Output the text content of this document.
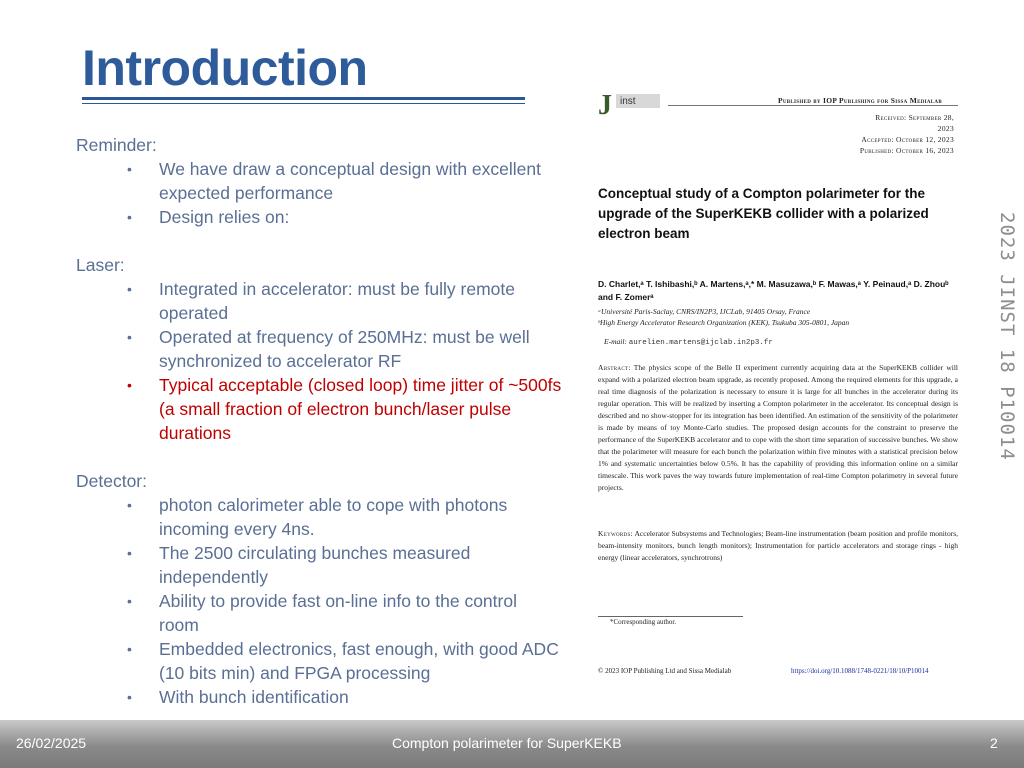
Introduction
Reminder:
• We have draw a conceptual design with excellent
expected performance
• Design relies on:
Laser:
• Integrated in accelerator: must be fully remote
operated
• Operated at frequency of 250MHz: must be well
synchronized to accelerator RF
• Typical acceptable (closed loop) time jitter of ~500fs
(a small fraction of electron bunch/laser pulse
durations
Detector:
• photon calorimeter able to cope with photons
incoming every 4ns.
• The 2500 circulating bunches measured
independently
• Ability to provide fast on-line info to the control
room
• Embedded electronics, fast enough, with good ADC
(10 bits min) and FPGA processing
• With bunch identification
J inst	Published by IOP Publishing for Sissa Medialab
Received: September 28, 2023
Accepted: October 12, 2023
Published: October 16, 2023
Conceptual study of a Compton polarimeter for the
upgrade of the SuperKEKB collider with a polarized
electron beam
D. Charlet,ᵃ T. Ishibashi,ᵇ A. Martens,ᵃ,* M. Masuzawa,ᵇ F. Mawas,ᵃ Y. Peinaud,ᵃ D. Zhouᵇ
and F. Zomerᵃ
ᵃUniversité Paris-Saclay, CNRS/IN2P3, IJCLab, 91405 Orsay, France
ᵇHigh Energy Accelerator Research Organization (KEK), Tsukuba 305-0801, Japan
E-mail: aurelien.martens@ijclab.in2p3.fr
Abstract: The physics scope of the Belle II experiment currently acquiring data at the SuperKEKB collider will expand with a polarized electron beam upgrade, as recently proposed. Among the required elements for this upgrade, a real time diagnosis of the polarization is necessary to ensure it is large for all bunches in the accelerator during its regular operation. This will be realized by inserting a Compton polarimeter in the accelerator. Its conceptual design is described and no show-stopper for its integration has been identified. An estimation of the sensitivity of the polarimeter is made by means of toy Monte-Carlo studies. The proposed design accounts for the constraint to preserve the performance of the SuperKEKB accelerator and to cope with the short time separation of successive bunches. We show that the polarimeter will measure for each bunch the polarization within five minutes with a statistical precision below 1% and systematic uncertainties below 0.5%. It has the capability of providing this information online on a similar timescale. This work paves the way towards future implementation of real-time Compton polarimetry in several future projects.
Keywords: Accelerator Subsystems and Technologies; Beam-line instrumentation (beam position and profile monitors, beam-intensity monitors, bunch length monitors); Instrumentation for particle accelerators and storage rings - high energy (linear accelerators, synchrotrons)
*Corresponding author.
© 2023 IOP Publishing Ltd and Sissa Medialab	https://doi.org/10.1088/1748-0221/18/10/P10014
2023 JINST 18 P10014
26/02/2025	Compton polarimeter for SuperKEKB	2
